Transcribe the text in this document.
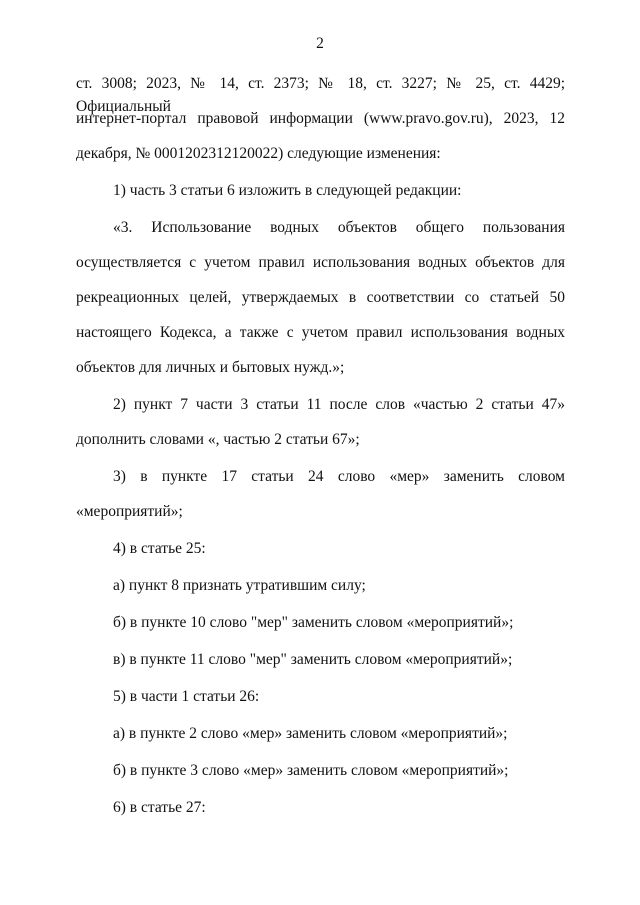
2
ст. 3008; 2023, № 14, ст. 2373; № 18, ст. 3227; № 25, ст. 4429; Официальный
интернет-портал правовой информации (www.pravo.gov.ru), 2023, 12
декабря, № 0001202312120022) следующие изменения:
1) часть 3 статьи 6 изложить в следующей редакции:
«3. Использование водных объектов общего пользования
осуществляется с учетом правил использования водных объектов для
рекреационных целей, утверждаемых в соответствии со статьей 50
настоящего Кодекса, а также с учетом правил использования водных
объектов для личных и бытовых нужд.»;
2) пункт 7 части 3 статьи 11 после слов «частью 2 статьи 47»
дополнить словами «, частью 2 статьи 67»;
3) в пункте 17 статьи 24 слово «мер» заменить словом
«мероприятий»;
4) в статье 25:
а) пункт 8 признать утратившим силу;
б) в пункте 10 слово "мер" заменить словом «мероприятий»;
в) в пункте 11 слово "мер" заменить словом «мероприятий»;
5) в части 1 статьи 26:
а) в пункте 2 слово «мер» заменить словом «мероприятий»;
б) в пункте 3 слово «мер» заменить словом «мероприятий»;
6) в статье 27:
